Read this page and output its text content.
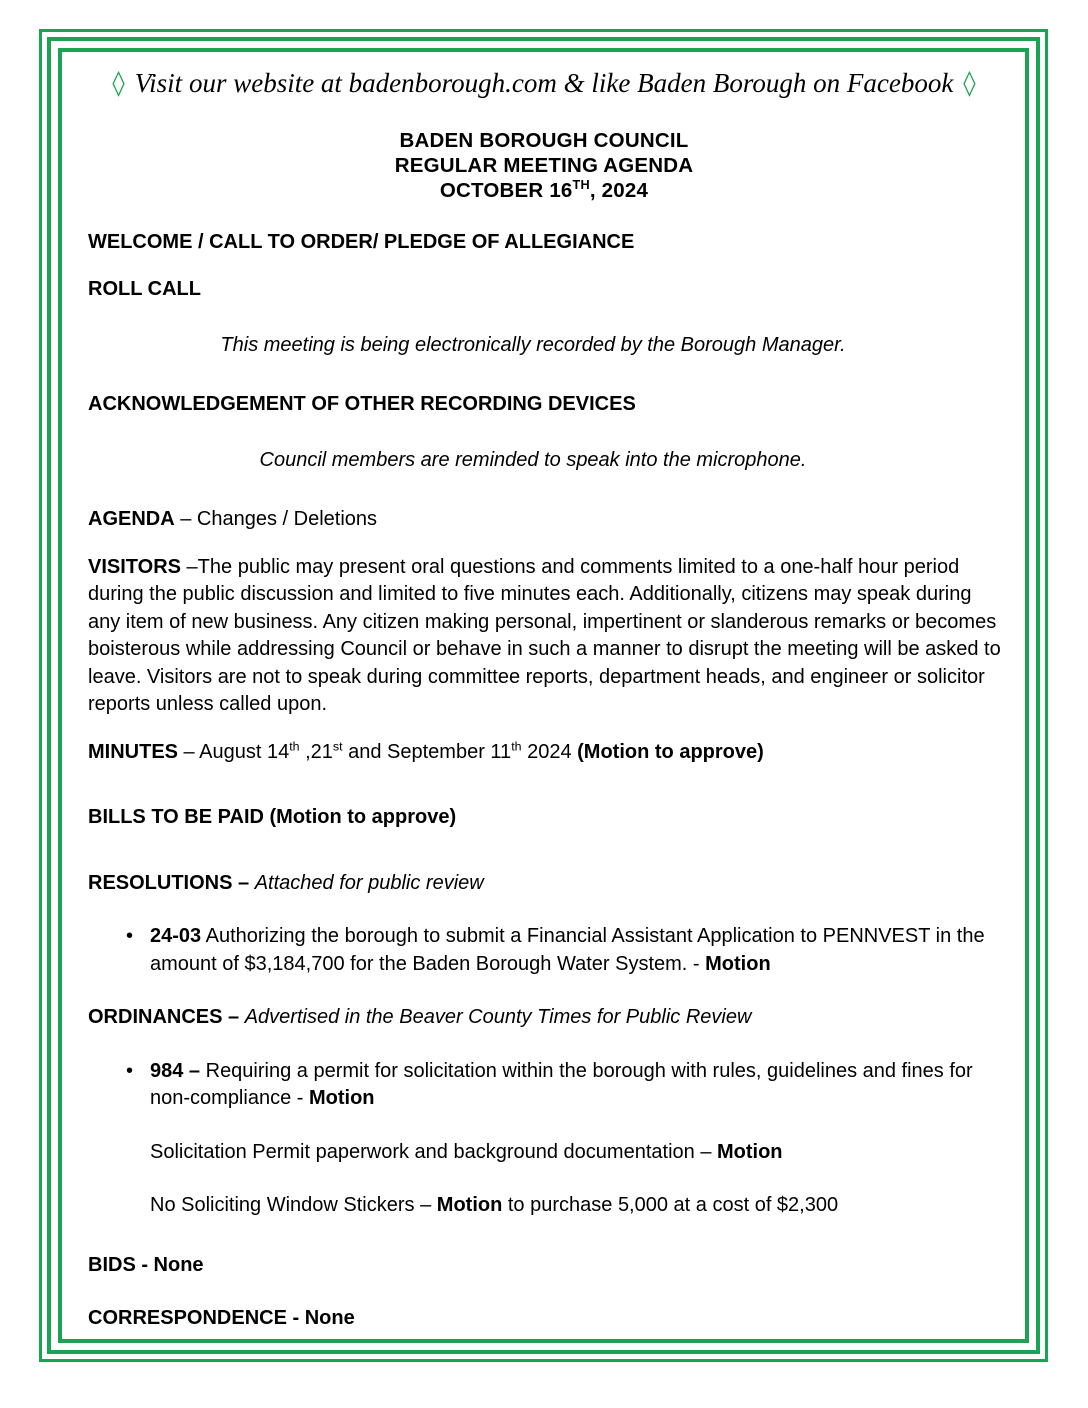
◊ Visit our website at badenborough.com & like Baden Borough on Facebook ◊
BADEN BOROUGH COUNCIL
REGULAR MEETING AGENDA
OCTOBER 16TH, 2024

WELCOME / CALL TO ORDER/ PLEDGE OF ALLEGIANCE

ROLL CALL

This meeting is being electronically recorded by the Borough Manager.

ACKNOWLEDGEMENT OF OTHER RECORDING DEVICES

Council members are reminded to speak into the microphone.

AGENDA – Changes / Deletions

VISITORS –The public may present oral questions and comments limited to a one-half hour period during the public discussion and limited to five minutes each. Additionally, citizens may speak during any item of new business. Any citizen making personal, impertinent or slanderous remarks or becomes boisterous while addressing Council or behave in such a manner to disrupt the meeting will be asked to leave. Visitors are not to speak during committee reports, department heads, and engineer or solicitor reports unless called upon.

MINUTES – August 14th ,21st and September 11th 2024 (Motion to approve)

BILLS TO BE PAID (Motion to approve)

RESOLUTIONS – Attached for public review

• 24-03 Authorizing the borough to submit a Financial Assistant Application to PENNVEST in the amount of $3,184,700 for the Baden Borough Water System. - Motion

ORDINANCES – Advertised in the Beaver County Times for Public Review

• 984 – Requiring a permit for solicitation within the borough with rules, guidelines and fines for non-compliance - Motion

Solicitation Permit paperwork and background documentation – Motion

No Soliciting Window Stickers – Motion to purchase 5,000 at a cost of $2,300

BIDS - None

CORRESPONDENCE - None
